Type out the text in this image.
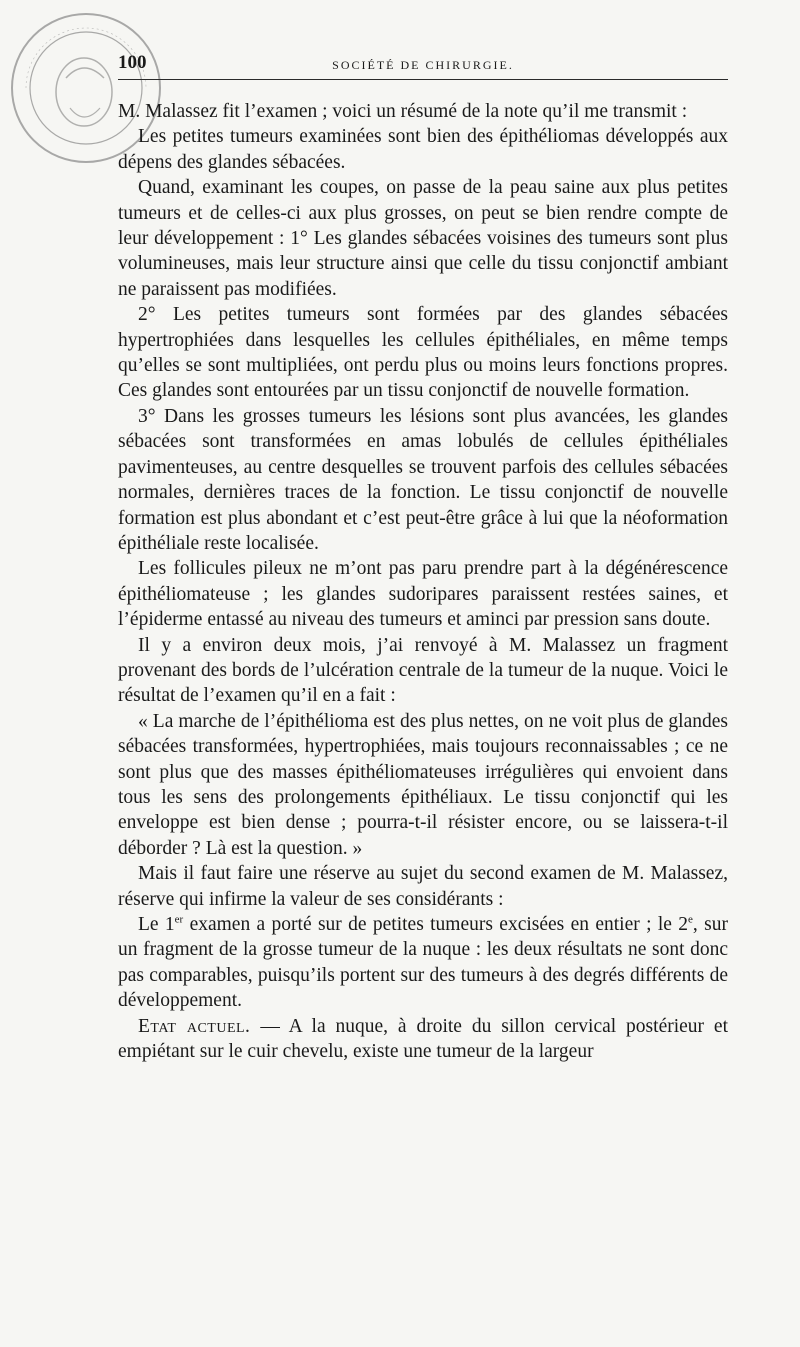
100	SOCIÉTÉ DE CHIRURGIE.

M. Malassez fit l’examen ; voici un résumé de la note qu’il me transmit :

Les petites tumeurs examinées sont bien des épithéliomas développés aux dépens des glandes sébacées.

Quand, examinant les coupes, on passe de la peau saine aux plus petites tumeurs et de celles-ci aux plus grosses, on peut se bien rendre compte de leur développement : 1° Les glandes sébacées voisines des tumeurs sont plus volumineuses, mais leur structure ainsi que celle du tissu conjonctif ambiant ne paraissent pas modifiées.

2° Les petites tumeurs sont formées par des glandes sébacées hypertrophiées dans lesquelles les cellules épithéliales, en même temps qu’elles se sont multipliées, ont perdu plus ou moins leurs fonctions propres. Ces glandes sont entourées par un tissu conjonctif de nouvelle formation.

3° Dans les grosses tumeurs les lésions sont plus avancées, les glandes sébacées sont transformées en amas lobulés de cellules épithéliales pavimenteuses, au centre desquelles se trouvent parfois des cellules sébacées normales, dernières traces de la fonction. Le tissu conjonctif de nouvelle formation est plus abondant et c’est peut-être grâce à lui que la néoformation épithéliale reste localisée.

Les follicules pileux ne m’ont pas paru prendre part à la dégénérescence épithéliomateuse ; les glandes sudoripares paraissent restées saines, et l’épiderme entassé au niveau des tumeurs et aminci par pression sans doute.

Il y a environ deux mois, j’ai renvoyé à M. Malassez un fragment provenant des bords de l’ulcération centrale de la tumeur de la nuque. Voici le résultat de l’examen qu’il en a fait :

« La marche de l’épithélioma est des plus nettes, on ne voit plus de glandes sébacées transformées, hypertrophiées, mais toujours reconnaissables ; ce ne sont plus que des masses épithéliomateuses irrégulières qui envoient dans tous les sens des prolongements épithéliaux. Le tissu conjonctif qui les enveloppe est bien dense ; pourra-t-il résister encore, ou se laissera-t-il déborder ? Là est la question. »

Mais il faut faire une réserve au sujet du second examen de M. Malassez, réserve qui infirme la valeur de ses considérants :

Le 1er examen a porté sur de petites tumeurs excisées en entier ; le 2e, sur un fragment de la grosse tumeur de la nuque : les deux résultats ne sont donc pas comparables, puisqu’ils portent sur des tumeurs à des degrés différents de développement.

Etat actuel. — A la nuque, à droite du sillon cervical postérieur et empiétant sur le cuir chevelu, existe une tumeur de la largeur
